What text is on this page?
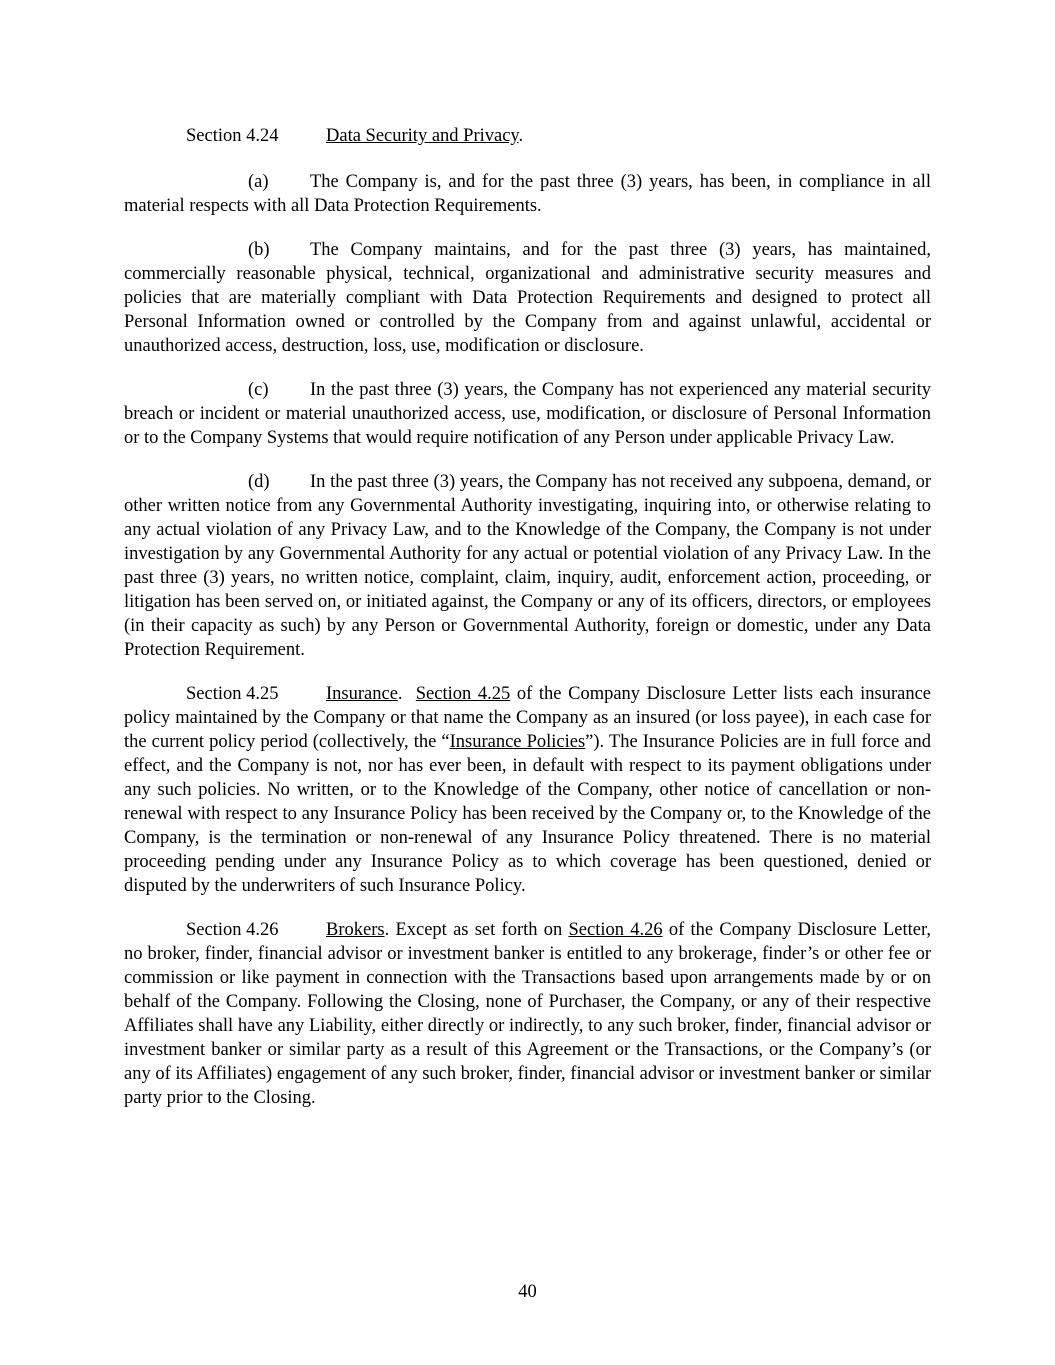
Section 4.24	Data Security and Privacy.

(a) The Company is, and for the past three (3) years, has been, in compliance in all material respects with all Data Protection Requirements.

(b) The Company maintains, and for the past three (3) years, has maintained, commercially reasonable physical, technical, organizational and administrative security measures and policies that are materially compliant with Data Protection Requirements and designed to protect all Personal Information owned or controlled by the Company from and against unlawful, accidental or unauthorized access, destruction, loss, use, modification or disclosure.

(c) In the past three (3) years, the Company has not experienced any material security breach or incident or material unauthorized access, use, modification, or disclosure of Personal Information or to the Company Systems that would require notification of any Person under applicable Privacy Law.

(d) In the past three (3) years, the Company has not received any subpoena, demand, or other written notice from any Governmental Authority investigating, inquiring into, or otherwise relating to any actual violation of any Privacy Law, and to the Knowledge of the Company, the Company is not under investigation by any Governmental Authority for any actual or potential violation of any Privacy Law. In the past three (3) years, no written notice, complaint, claim, inquiry, audit, enforcement action, proceeding, or litigation has been served on, or initiated against, the Company or any of its officers, directors, or employees (in their capacity as such) by any Person or Governmental Authority, foreign or domestic, under any Data Protection Requirement.

Section 4.25	Insurance.  Section 4.25 of the Company Disclosure Letter lists each insurance policy maintained by the Company or that name the Company as an insured (or loss payee), in each case for the current policy period (collectively, the “Insurance Policies”). The Insurance Policies are in full force and effect, and the Company is not, nor has ever been, in default with respect to its payment obligations under any such policies. No written, or to the Knowledge of the Company, other notice of cancellation or non-renewal with respect to any Insurance Policy has been received by the Company or, to the Knowledge of the Company, is the termination or non-renewal of any Insurance Policy threatened. There is no material proceeding pending under any Insurance Policy as to which coverage has been questioned, denied or disputed by the underwriters of such Insurance Policy.

Section 4.26	Brokers. Except as set forth on Section 4.26 of the Company Disclosure Letter, no broker, finder, financial advisor or investment banker is entitled to any brokerage, finder’s or other fee or commission or like payment in connection with the Transactions based upon arrangements made by or on behalf of the Company. Following the Closing, none of Purchaser, the Company, or any of their respective Affiliates shall have any Liability, either directly or indirectly, to any such broker, finder, financial advisor or investment banker or similar party as a result of this Agreement or the Transactions, or the Company’s (or any of its Affiliates) engagement of any such broker, finder, financial advisor or investment banker or similar party prior to the Closing.

40
